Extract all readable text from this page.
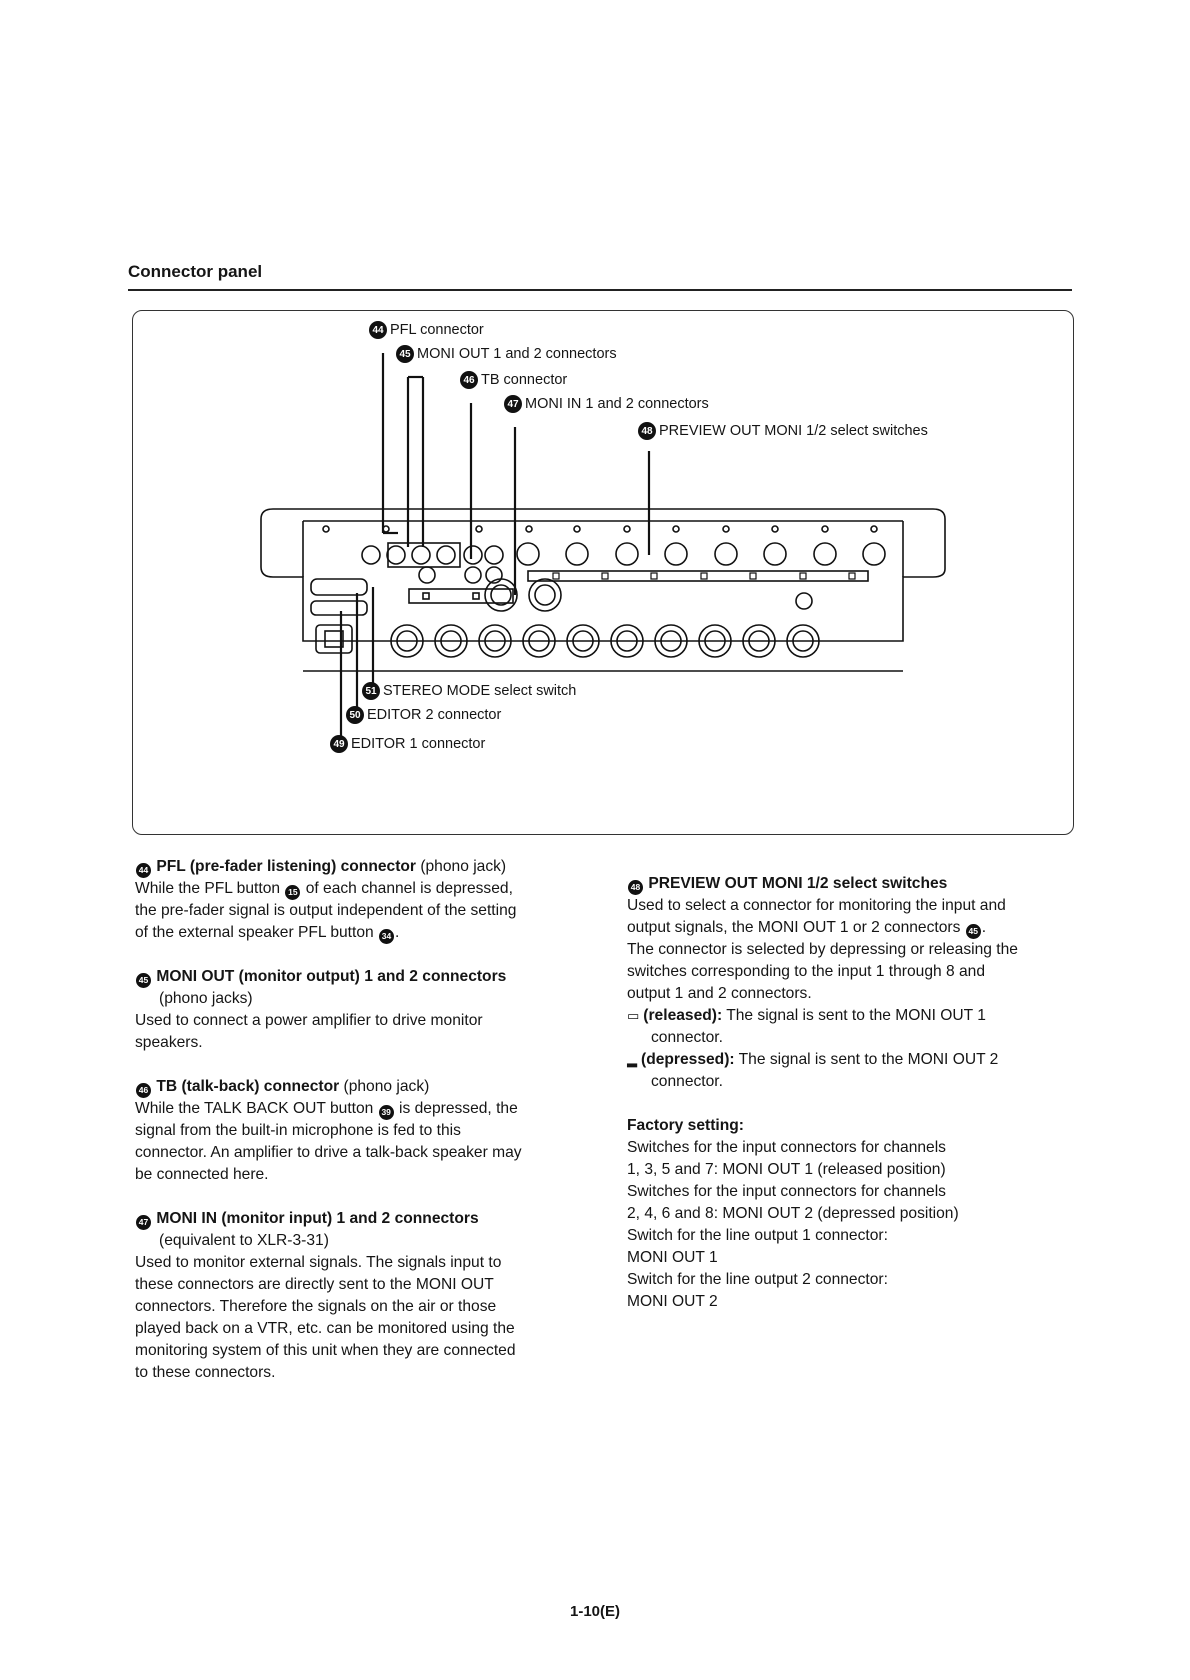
Connector panel
44 PFL connector
45 MONI OUT 1 and 2 connectors
46 TB connector
47 MONI IN 1 and 2 connectors
48 PREVIEW OUT MONI 1/2 select switches
51 STEREO MODE select switch
50 EDITOR 2 connector
49 EDITOR 1 connector

44 PFL (pre-fader listening) connector (phono jack)

While the PFL button 15 of each channel is depressed,

the pre-fader signal is output independent of the setting

of the external speaker PFL button 34 .

45 MONI OUT (monitor output) 1 and 2 connectors

(phono jacks)

Used to connect a power amplifier to drive monitor

speakers.

46 TB (talk-back) connector (phono jack)

While the TALK BACK OUT button 39 is depressed, the

signal from the built-in microphone is fed to this

connector. An amplifier to drive a talk-back speaker may

be connected here.

47 MONI IN (monitor input) 1 and 2 connectors

(equivalent to XLR-3-31)

Used to monitor external signals. The signals input to

these connectors are directly sent to the MONI OUT

connectors. Therefore the signals on the air or those

played back on a VTR, etc. can be monitored using the

monitoring system of this unit when they are connected

to these connectors.

48 PREVIEW OUT MONI 1/2 select switches

Used to select a connector for monitoring the input and

output signals, the MONI OUT 1 or 2 connectors 45 .

The connector is selected by depressing or releasing the

switches corresponding to the input 1 through 8 and

output 1 and 2 connectors.

▭ (released): The signal is sent to the MONI OUT 1

connector.

▂ (depressed): The signal is sent to the MONI OUT 2

connector.

Factory setting:

Switches for the input connectors for channels

1, 3, 5 and 7: MONI OUT 1 (released position)

Switches for the input connectors for channels

2, 4, 6 and 8: MONI OUT 2 (depressed position)

Switch for the line output 1 connector:

MONI OUT 1

Switch for the line output 2 connector:

MONI OUT 2

1-10(E)
